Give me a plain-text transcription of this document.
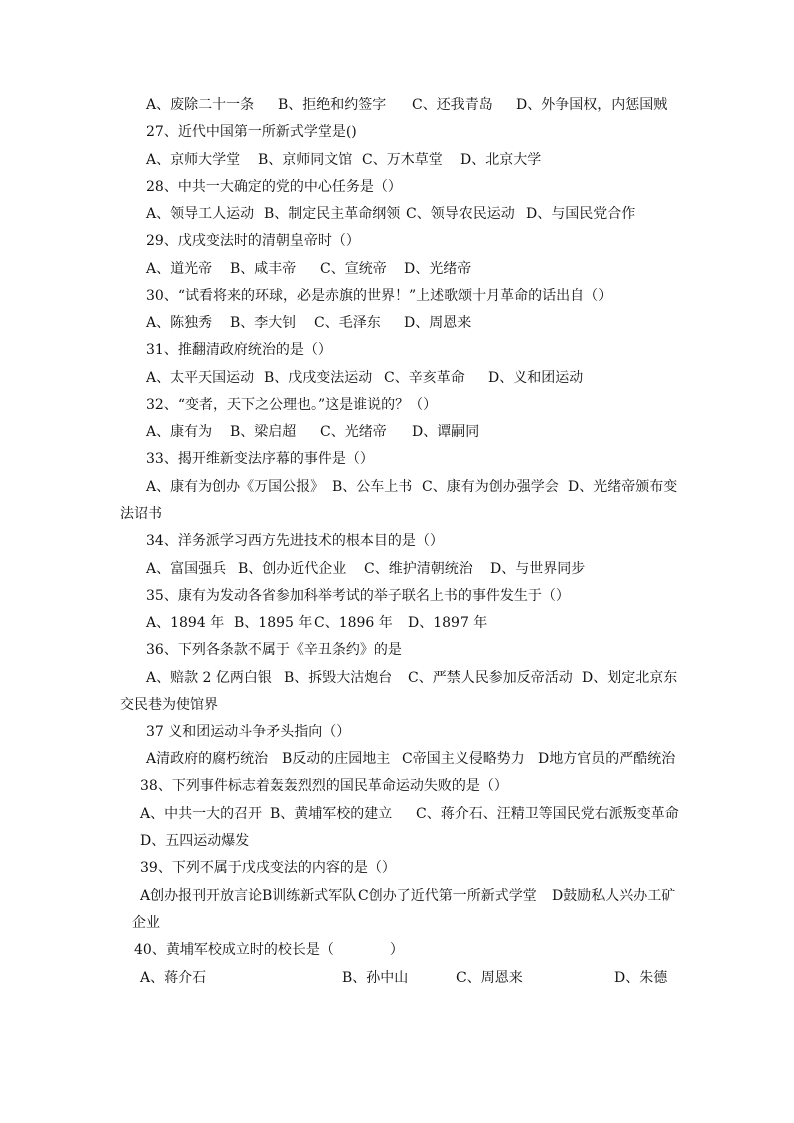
A、废除二十一条

B、拒绝和约签字

C、还我青岛

D、外争国权，内惩国贼

27、近代中国第一所新式学堂是()

A、京师大学堂

B、京师同文馆

C、万木草堂

D、北京大学

28、中共一大确定的党的中心任务是（）

A、领导工人运动

B、制定民主革命纲领

C、领导农民运动

D、与国民党合作

29、戊戌变法时的清朝皇帝时（）

A、道光帝

B、咸丰帝

C、宣统帝

D、光绪帝

30、“试看将来的环球，必是赤旗的世界！”上述歌颂十月革命的话出自（）

A、陈独秀

B、李大钊

C、毛泽东

D、周恩来

31、推翻清政府统治的是（）

A、太平天国运动

B、戊戌变法运动

C、辛亥革命

D、义和团运动

32、“变者，天下之公理也。”这是谁说的？（）

A、康有为

B、梁启超

C、光绪帝

D、谭嗣同

33、揭开维新变法序幕的事件是（）

A、康有为创办《万国公报》

B、公车上书

C、康有为创办强学会

D、光绪帝颁布变

法诏书
34、洋务派学习西方先进技术的根本目的是（）

A、富国强兵

B、创办近代企业

C、维护清朝统治

D、与世界同步

35、康有为发动各省参加科举考试的举子联名上书的事件发生于（）

A、1894 年

B、1895 年

C、1896 年

D、1897 年

36、下列各条款不属于《辛丑条约》的是

A、赔款 2 亿两白银

B、拆毁大沽炮台

C、严禁人民参加反帝活动

D、划定北京东

交民巷为使馆界
37 义和团运动斗争矛头指向（）

A清政府的腐朽统治

B反动的庄园地主

C帝国主义侵略势力

D地方官员的严酷统治

38、下列事件标志着轰轰烈烈的国民革命运动失败的是（）

A、中共一大的召开

B、黄埔军校的建立

C、蒋介石、汪精卫等国民党右派叛变革命

D、五四运动爆发
39、下列不属于戊戌变法的内容的是（）

A创办报刊开放言论

B训练新式军队

C创办了近代第一所新式学堂

D鼓励私人兴办工矿

企业
40、黄埔军校成立时的校长是（　　　　）

A、蒋介石

	B、孙中山

	C、周恩来

	D、朱德
